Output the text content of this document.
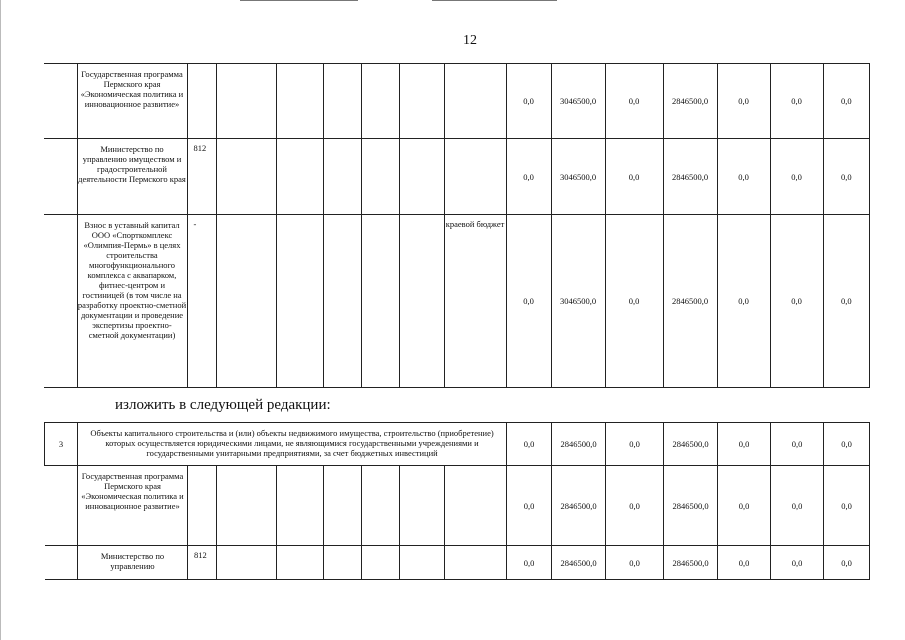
12
	Государственная программа Пермского края «Экономическая политика и инновационное развитие»								0,0	3046500,0	0,0	2846500,0	0,0	0,0	0,0
	Министерство по управлению имуществом и градостроительной деятельности Пермского края	812							0,0	3046500,0	0,0	2846500,0	0,0	0,0	0,0
	Взнос в уставный капитал ООО «Спорткомплекс «Олимпия-Пермь» в целях строительства многофункционального комплекса с аквапарком, фитнес-центром и гостиницей (в том числе на разработку проектно-сметной документации и проведение экспертизы проектно-сметной документации)	-						краевой бюджет	0,0	3046500,0	0,0	2846500,0	0,0	0,0	0,0
изложить в следующей редакции:
3	Объекты капитального строительства и (или) объекты недвижимого имущества, строительство (приобретение) которых осуществляется юридическими лицами, не являющимися государственными учреждениями и государственными унитарными предприятиями, за счет бюджетных инвестиций								0,0	2846500,0	0,0	2846500,0	0,0	0,0	0,0
	Государственная программа Пермского края «Экономическая политика и инновационное развитие»								0,0	2846500,0	0,0	2846500,0	0,0	0,0	0,0
	Министерство по управлению	812							0,0	2846500,0	0,0	2846500,0	0,0	0,0	0,0
